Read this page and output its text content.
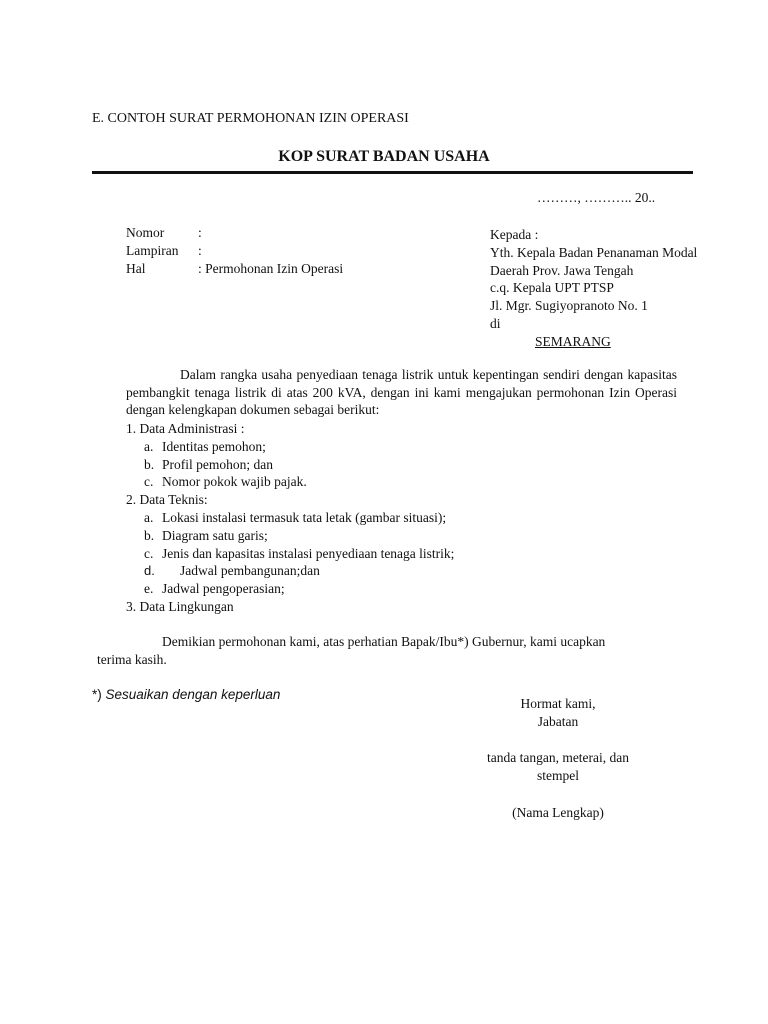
E. CONTOH SURAT PERMOHONAN IZIN OPERASI
KOP SURAT BADAN USAHA
………, ……….. 20..
Nomor	:
Lampiran :
Hal	: Permohonan Izin Operasi
Kepada :
Yth. Kepala Badan Penanaman Modal
Daerah Prov. Jawa Tengah
c.q. Kepala UPT PTSP
Jl. Mgr. Sugiyopranoto No. 1
di
SEMARANG
Dalam rangka usaha penyediaan tenaga listrik untuk kepentingan sendiri dengan kapasitas pembangkit tenaga listrik di atas 200 kVA, dengan ini kami mengajukan permohonan Izin Operasi dengan kelengkapan dokumen sebagai berikut:
1. Data Administrasi :
a. Identitas pemohon;
b. Profil pemohon; dan
c. Nomor pokok wajib pajak.
2. Data Teknis:
a. Lokasi instalasi termasuk tata letak (gambar situasi);
b. Diagram satu garis;
c. Jenis dan kapasitas instalasi penyediaan tenaga listrik;
d. Jadwal pembangunan;dan
e. Jadwal pengoperasian;
3. Data Lingkungan
Demikian permohonan kami, atas perhatian Bapak/Ibu*) Gubernur, kami ucapkan
terima kasih.
*) Sesuaikan dengan keperluan
Hormat kami,
Jabatan
tanda tangan, meterai, dan
stempel
(Nama Lengkap)
